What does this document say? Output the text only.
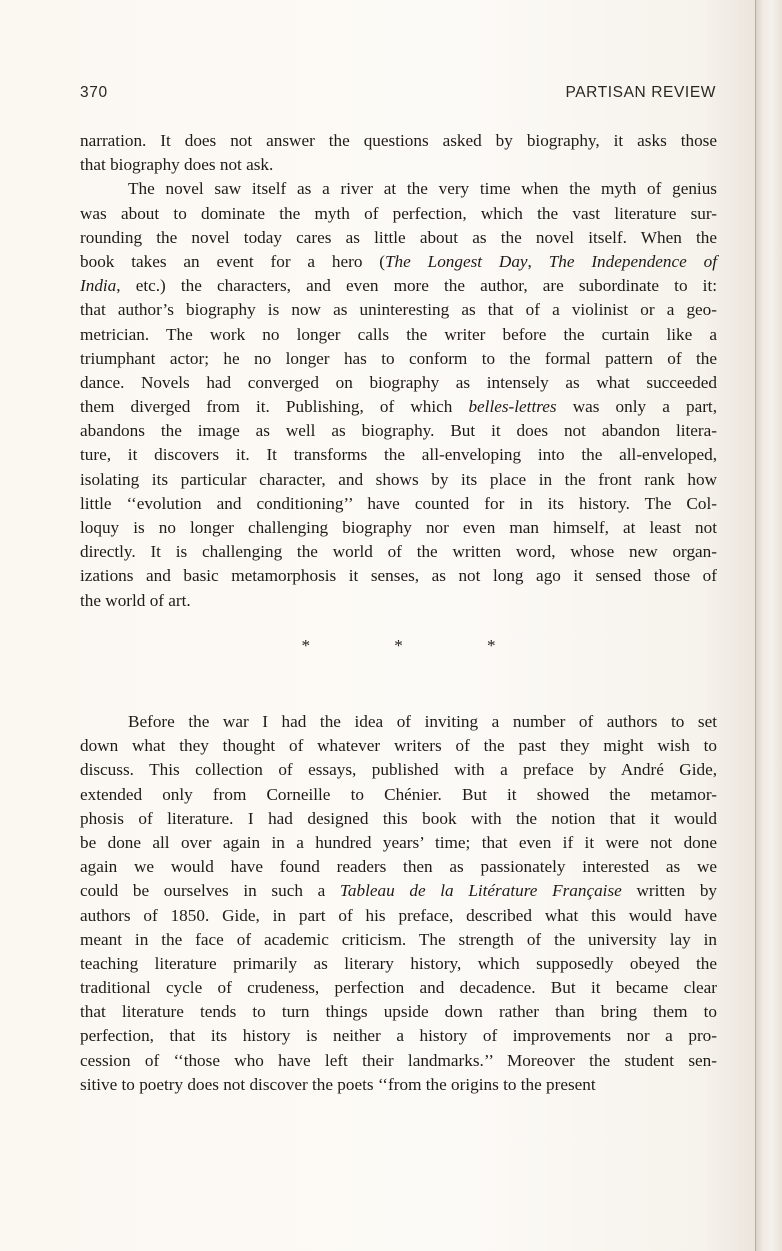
370	PARTISAN REVIEW
narration. It does not answer the questions asked by biography, it asks those
that biography does not ask.
The novel saw itself as a river at the very time when the myth of genius
was about to dominate the myth of perfection, which the vast literature sur-
rounding the novel today cares as little about as the novel itself. When the
book takes an event for a hero (The Longest Day, The Independence of
India, etc.) the characters, and even more the author, are subordinate to it:
that author’s biography is now as uninteresting as that of a violinist or a geo-
metrician. The work no longer calls the writer before the curtain like a
triumphant actor; he no longer has to conform to the formal pattern of the
dance. Novels had converged on biography as intensely as what succeeded
them diverged from it. Publishing, of which belles-lettres was only a part,
abandons the image as well as biography. But it does not abandon litera-
ture, it discovers it. It transforms the all-enveloping into the all-enveloped,
isolating its particular character, and shows by its place in the front rank how
little ‘‘evolution and conditioning’’ have counted for in its history. The Col-
loquy is no longer challenging biography nor even man himself, at least not
directly. It is challenging the world of the written word, whose new organ-
izations and basic metamorphosis it senses, as not long ago it sensed those of
the world of art.
*	*	*
Before the war I had the idea of inviting a number of authors to set
down what they thought of whatever writers of the past they might wish to
discuss. This collection of essays, published with a preface by André Gide,
extended only from Corneille to Chénier. But it showed the metamor-
phosis of literature. I had designed this book with the notion that it would
be done all over again in a hundred years’ time; that even if it were not done
again we would have found readers then as passionately interested as we
could be ourselves in such a Tableau de la Litérature Française written by
authors of 1850. Gide, in part of his preface, described what this would have
meant in the face of academic criticism. The strength of the university lay in
teaching literature primarily as literary history, which supposedly obeyed the
traditional cycle of crudeness, perfection and decadence. But it became clear
that literature tends to turn things upside down rather than bring them to
perfection, that its history is neither a history of improvements nor a pro-
cession of ‘‘those who have left their landmarks.’’ Moreover the student sen-
sitive to poetry does not discover the poets ‘‘from the origins to the present
